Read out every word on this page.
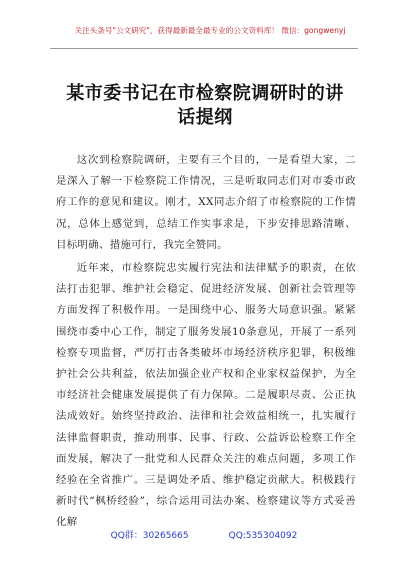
关注头条号"公文研究"，获得最新最全最专业的公文资料库！ 微信：gongwenyj
某市委书记在市检察院调研时的讲话提纲

这次到检察院调研，主要有三个目的，一是看望大家，二是深入了解一下检察院工作情况，三是听取同志们对市委市政府工作的意见和建议。刚才，XX同志介绍了市检察院的工作情况，总体上感觉到，总结工作实事求是，下步安排思路清晰、目标明确、措施可行，我完全赞同。

近年来，市检察院忠实履行宪法和法律赋予的职责，在依法打击犯罪、维护社会稳定、促进经济发展、创新社会管理等方面发挥了积极作用。一是围绕中心、服务大局意识强。紧紧围绕市委中心工作，制定了服务发展10条意见，开展了一系列检察专项监督，严厉打击各类破坏市场经济秩序犯罪，积极维护社会公共利益，依法加强企业产权和企业家权益保护，为全市经济社会健康发展提供了有力保障。二是履职尽责、公正执法成效好。始终坚持政治、法律和社会效益相统一，扎实履行法律监督职责，推动刑事、民事、行政、公益诉讼检察工作全面发展，解决了一批党和人民群众关注的难点问题，多项工作经验在全省推广。三是调处矛盾、维护稳定贡献大。积极践行新时代“枫桥经验”，综合运用司法办案、检察建议等方式妥善化解

QQ群：30265665	QQ:535304092
